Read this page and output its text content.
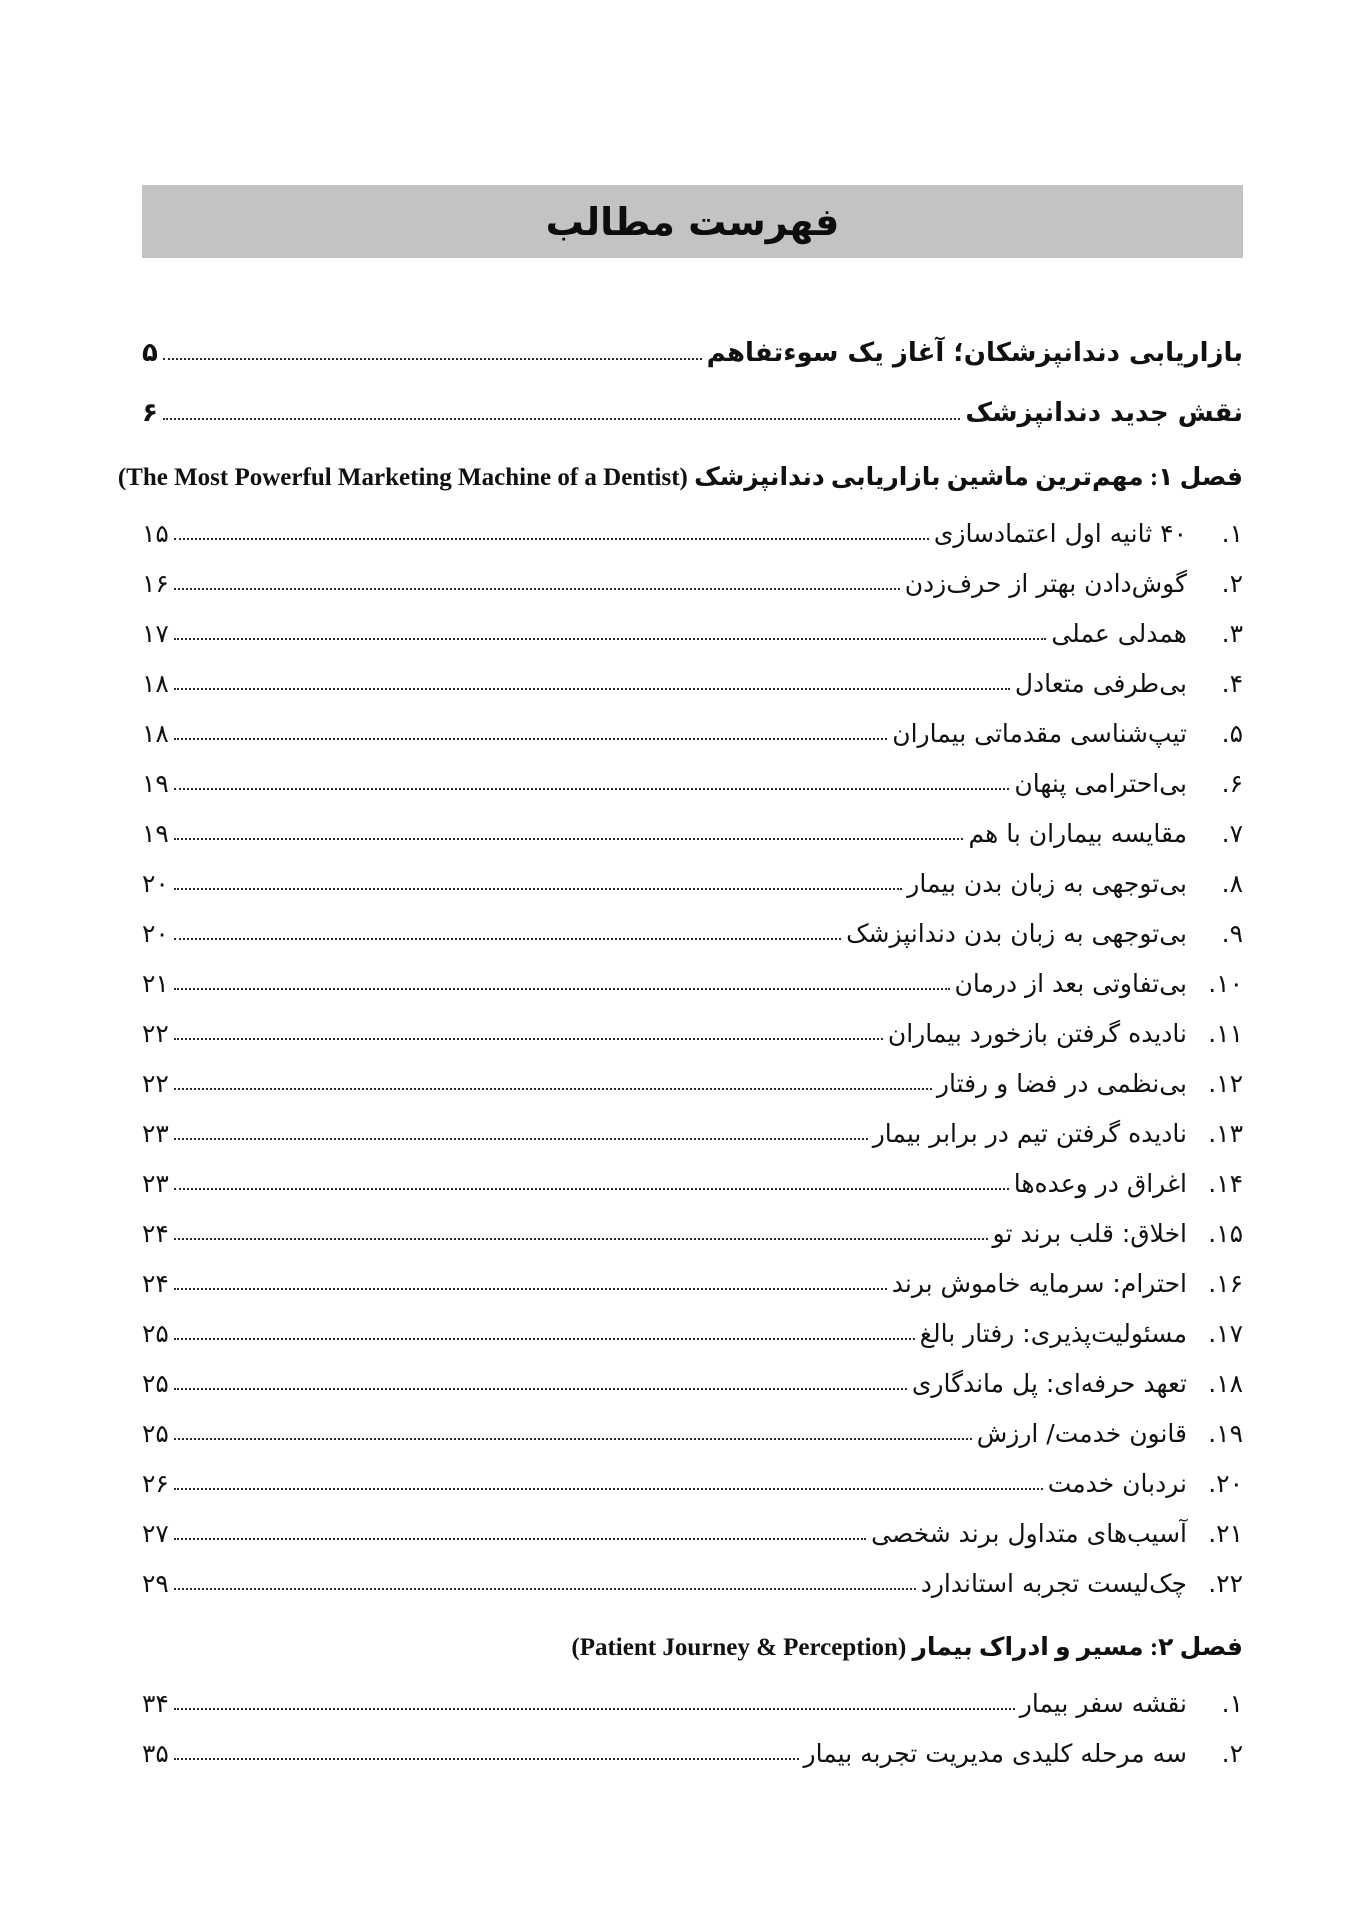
فهرست مطالب
بازاریابی دندانپزشکان؛ آغاز یک سوءتفاهم
۵
نقش جدید دندانپزشک
۶
فصل ۱: مهم‌ترین ماشین بازاریابی دندانپزشک (The Most Powerful Marketing Machine of a Dentist)
۱.
۴۰ ثانیه اول اعتمادسازی
۱۵
۲.
گوش‌دادن بهتر از حرف‌زدن
۱۶
۳.
همدلی عملی
۱۷
۴.
بی‌طرفی متعادل
۱۸
۵.
تیپ‌شناسی مقدماتی بیماران
۱۸
۶.
بی‌احترامی پنهان
۱۹
۷.
مقایسه بیماران با هم
۱۹
۸.
بی‌توجهی به زبان بدن بیمار
۲۰
۹.
بی‌توجهی به زبان بدن دندانپزشک
۲۰
۱۰.
بی‌تفاوتی بعد از درمان
۲۱
۱۱.
نادیده گرفتن بازخورد بیماران
۲۲
۱۲.
بی‌نظمی در فضا و رفتار
۲۲
۱۳.
نادیده گرفتن تیم در برابر بیمار
۲۳
۱۴.
اغراق در وعده‌ها
۲۳
۱۵.
اخلاق: قلب برند تو
۲۴
۱۶.
احترام: سرمایه خاموش برند
۲۴
۱۷.
مسئولیت‌پذیری: رفتار بالغ
۲۵
۱۸.
تعهد حرفه‌ای: پل ماندگاری
۲۵
۱۹.
قانون خدمت/ ارزش
۲۵
۲۰.
نردبان خدمت
۲۶
۲۱.
آسیب‌های متداول برند شخصی
۲۷
۲۲.
چک‌لیست تجربه استاندارد
۲۹
فصل ۲: مسیر و ادراک بیمار (Patient Journey & Perception)
۱.
نقشه سفر بیمار
۳۴
۲.
سه مرحله کلیدی مدیریت تجربه بیمار
۳۵
